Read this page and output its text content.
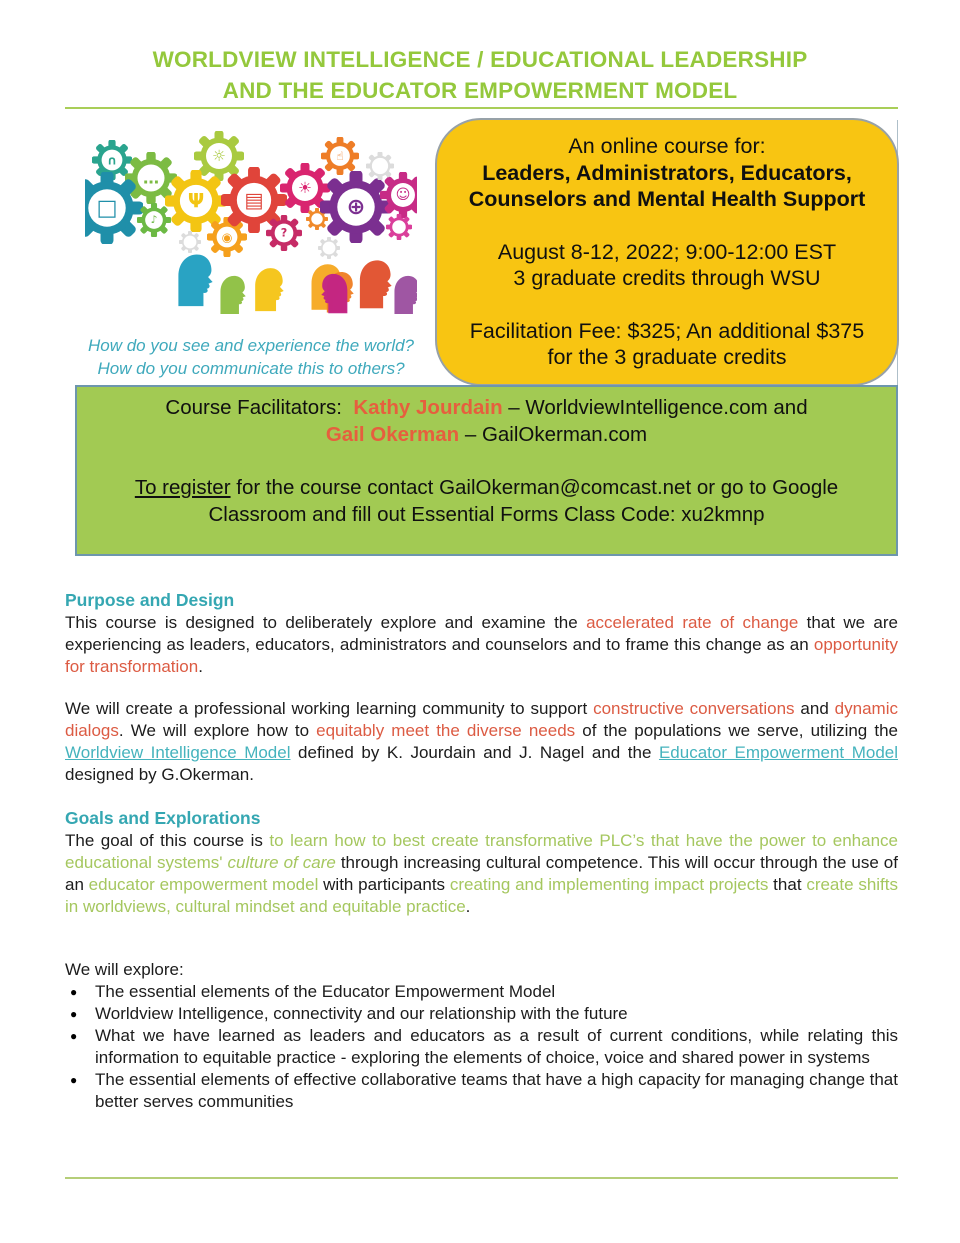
WORLDVIEW INTELLIGENCE / EDUCATIONAL LEADERSHIP
AND THE EDUCATOR EMPOWERMENT MODEL
∩
…
☼
□	♪
Ψ
◉
▤
?
☀
☝
⊕ ☺
How do you see and experience the world?
How do you communicate this to others?
An online course for:
Leaders, Administrators, Educators,
Counselors and Mental Health Support
August 8-12, 2022; 9:00-12:00 EST
3 graduate credits through WSU
Facilitation Fee: $325; An additional $375
for the 3 graduate credits
Course Facilitators:  Kathy Jourdain – WorldviewIntelligence.com and
Gail Okerman – GailOkerman.com
To register for the course contact GailOkerman@comcast.net or go to Google Classroom and fill out Essential Forms Class Code: xu2kmnp
Purpose and Design

This course is designed to deliberately explore and examine the accelerated rate of change that we are experiencing as leaders, educators, administrators and counselors and to frame this change as an opportunity for transformation.

We will create a professional working learning community to support constructive conversations and dynamic dialogs. We will explore how to equitably meet the diverse needs of the populations we serve, utilizing the Worldview Intelligence Model defined by K. Jourdain and J. Nagel and the Educator Empowerment Model designed by G.Okerman.

Goals and Explorations

The goal of this course is to learn how to best create transformative PLC’s that have the power to enhance educational systems' culture of care through increasing cultural competence. This will occur through the use of an educator empowerment model with participants creating and implementing impact projects that create shifts in worldviews, cultural mindset and equitable practice.

We will explore:
● The essential elements of the Educator Empowerment Model
● Worldview Intelligence, connectivity and our relationship with the future
● What we have learned as leaders and educators as a result of current conditions, while relating this information to equitable practice - exploring the elements of choice, voice and shared power in systems
● The essential elements of effective collaborative teams that have a high capacity for managing change that better serves communities
